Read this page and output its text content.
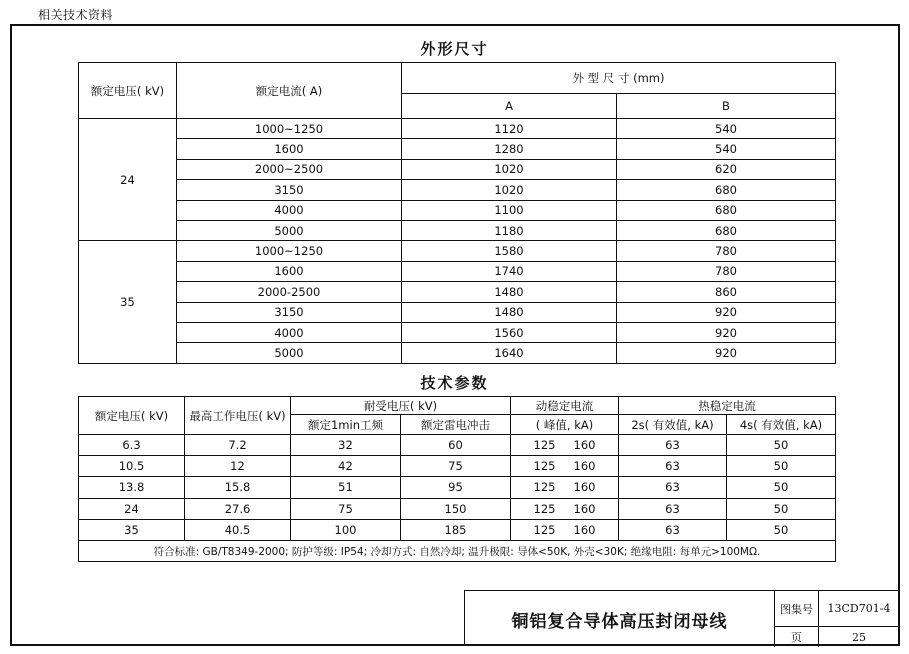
相关技术资料
外形尺寸
额定电压( kV)	额定电流( A)	外 型 尺 寸 (mm)	
		A	B
24	1000~1250	1120	540
	1600	1280	540
	2000~2500	1020	620
	3150	1020	680
	4000	1100	680
	5000	1180	680
35	1000~1250	1580	780
	1600	1740	780
	2000-2500	1480	860
	3150	1480	920
	4000	1560	920
	5000	1640	920
技术参数
额定电压( kV)	最高工作电压( kV)	耐受电压( kV)		动稳定电流	热稳定电流	
		额定1min工频	额定雷电冲击	( 峰值, kA)	2s( 有效值, kA)	4s( 有效值, kA)
6.3	7.2	32	60	125 160	63	50
10.5	12	42	75	125 160	63	50
13.8	15.8	51	95	125 160	63	50
24	27.6	75	150	125 160	63	50
35	40.5	100	185	125 160	63	50
符合标准: GB/T8349-2000; 防护等级: IP54; 冷却方式: 自然冷却; 温升极限: 导体<50K, 外壳<30K; 绝缘电阻: 每单元>100MΩ.						
铜铝复合导体高压封闭母线
图集号	13CD701-4
页	25
